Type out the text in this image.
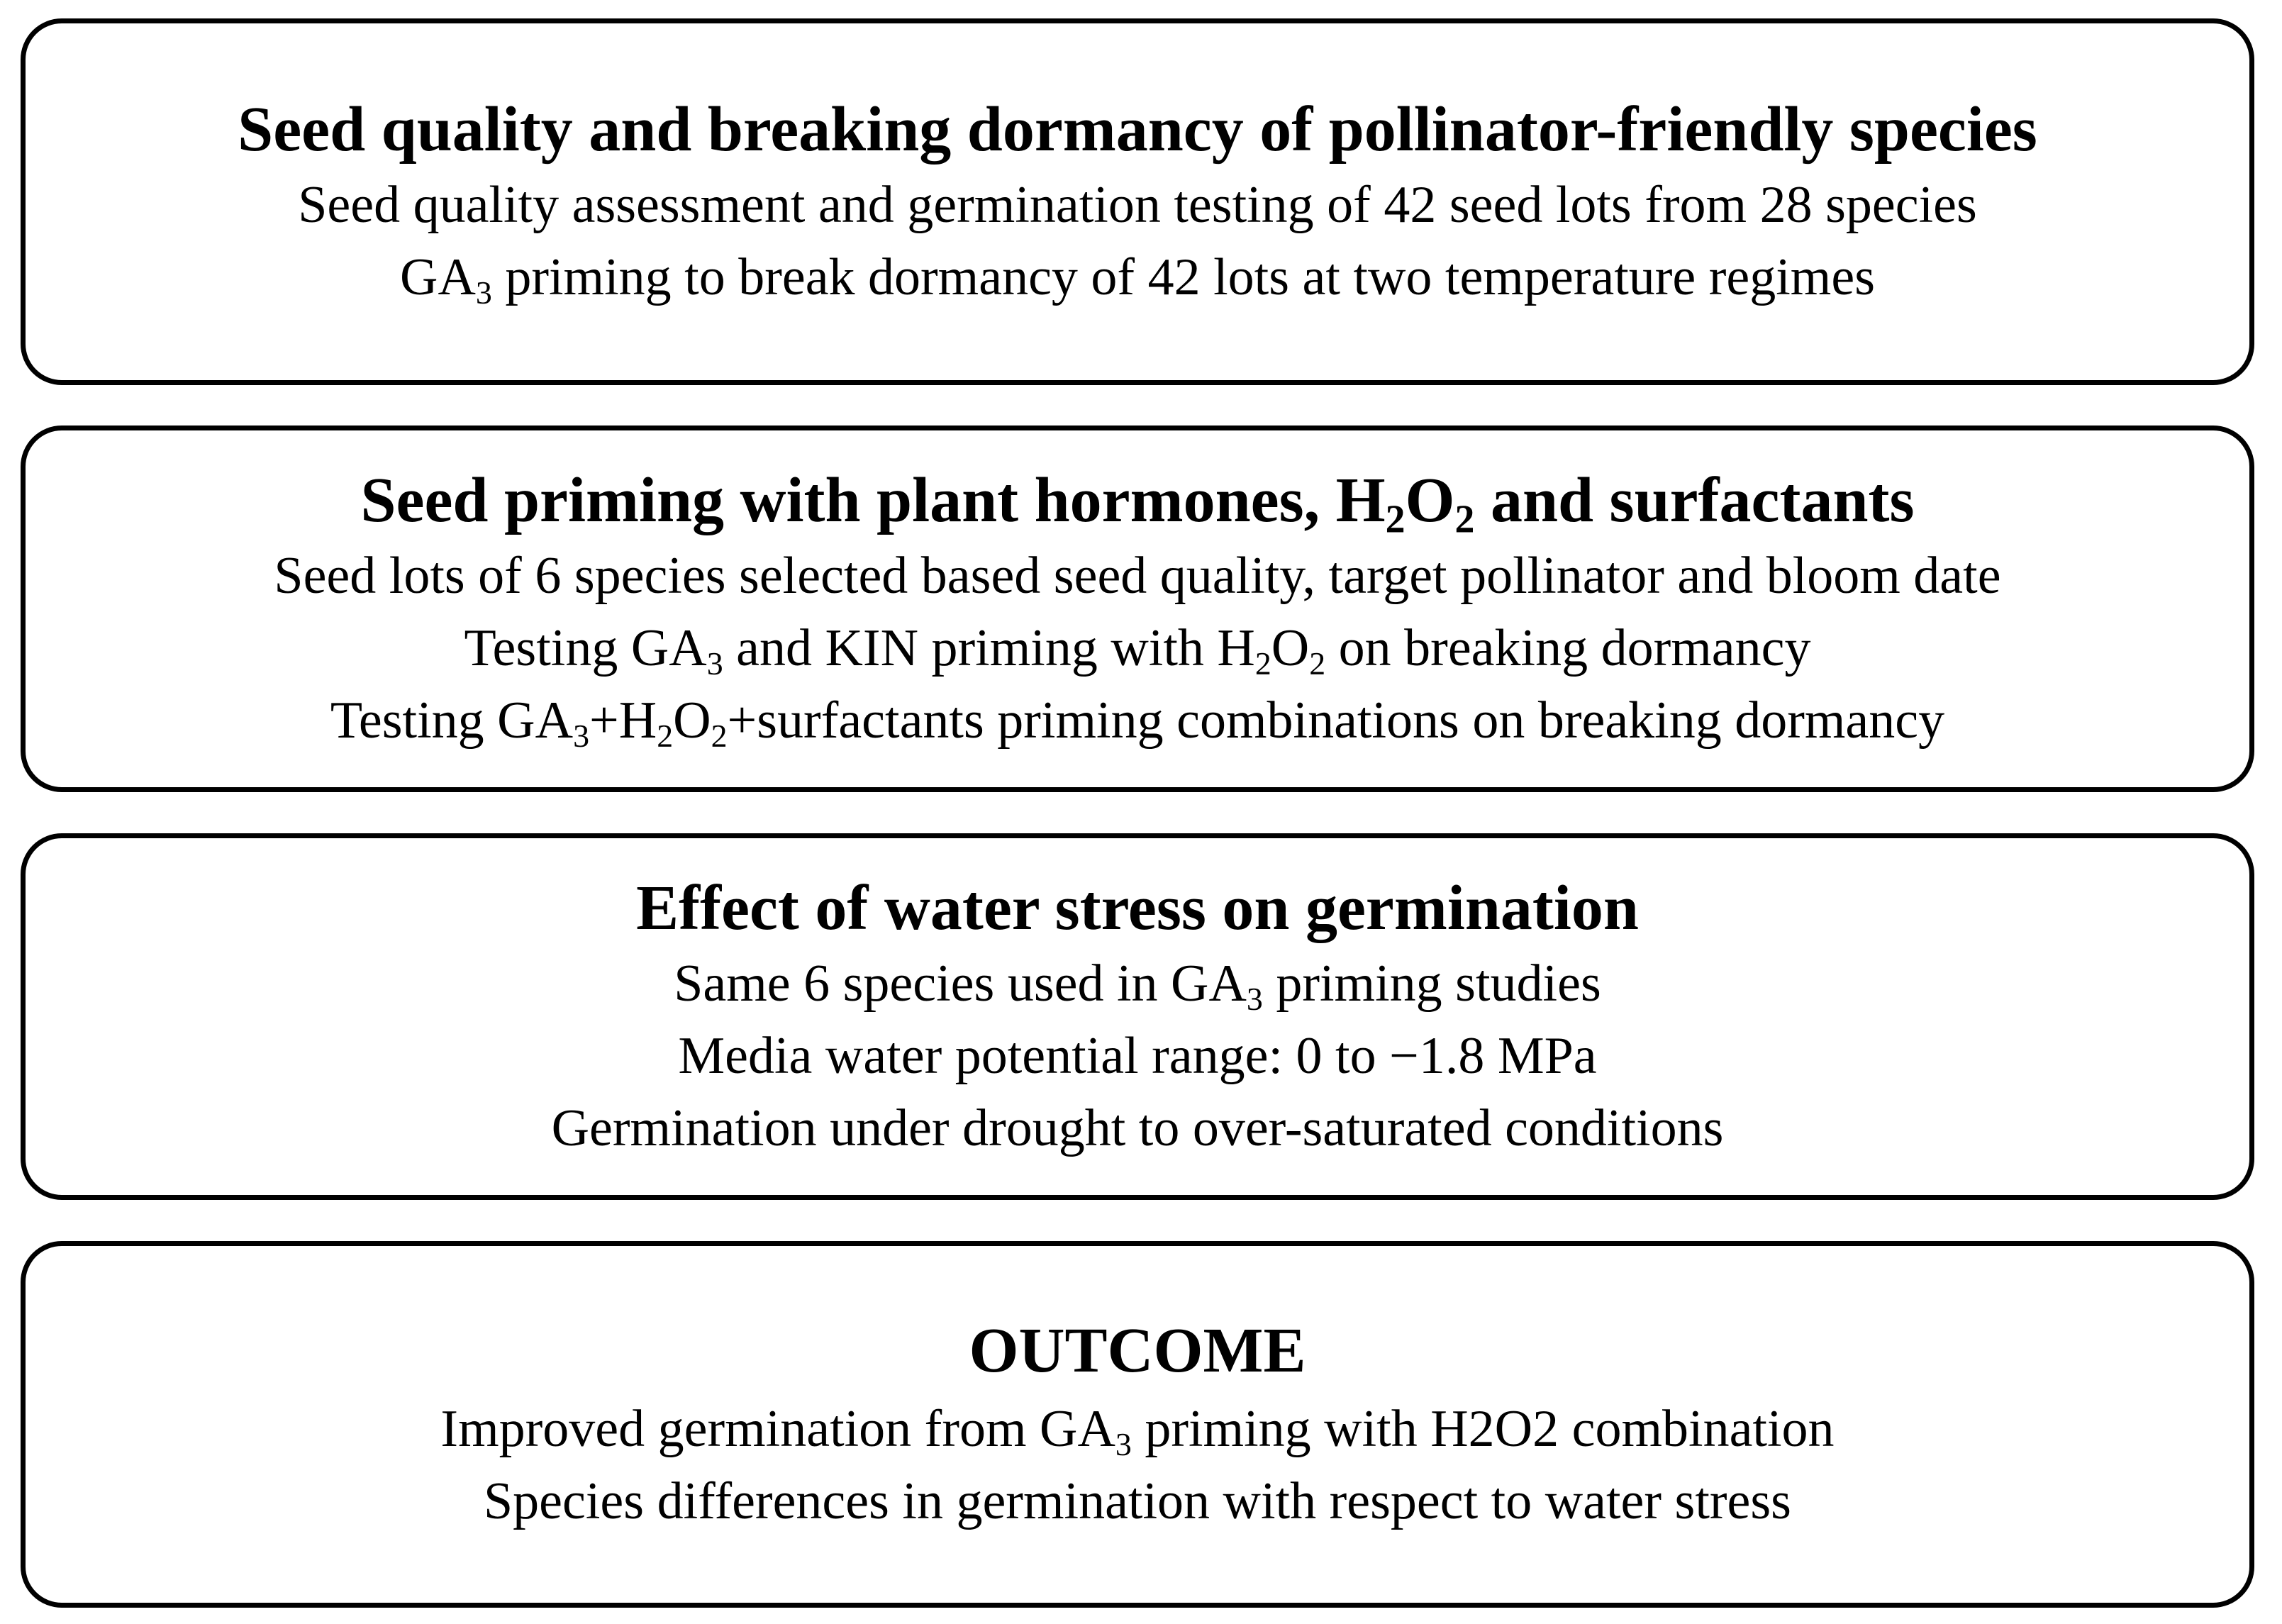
Seed quality and breaking dormancy of pollinator-friendly species
Seed quality assessment and germination testing of 42 seed lots from 28 species
$GA_3$ priming to break dormancy of 42 lots at two temperature regimes
Seed priming with plant hormones, $H_2O_2$ and surfactants
Seed lots of 6 species selected based seed quality, target pollinator and bloom date
Testing $GA_3$ and KIN priming with $H_2O_2$ on breaking dormancy
Testing $GA_3+H_2O_2+surfactants$ priming combinations on breaking dormancy
Effect of water stress on germination
Same 6 species used in $GA_3$ priming studies
Media water potential range: 0 to −1.8 MPa
Germination under drought to over-saturated conditions
OUTCOME
Improved germination from $GA_3$ priming with H2O2 combination
Species differences in germination with respect to water stress
